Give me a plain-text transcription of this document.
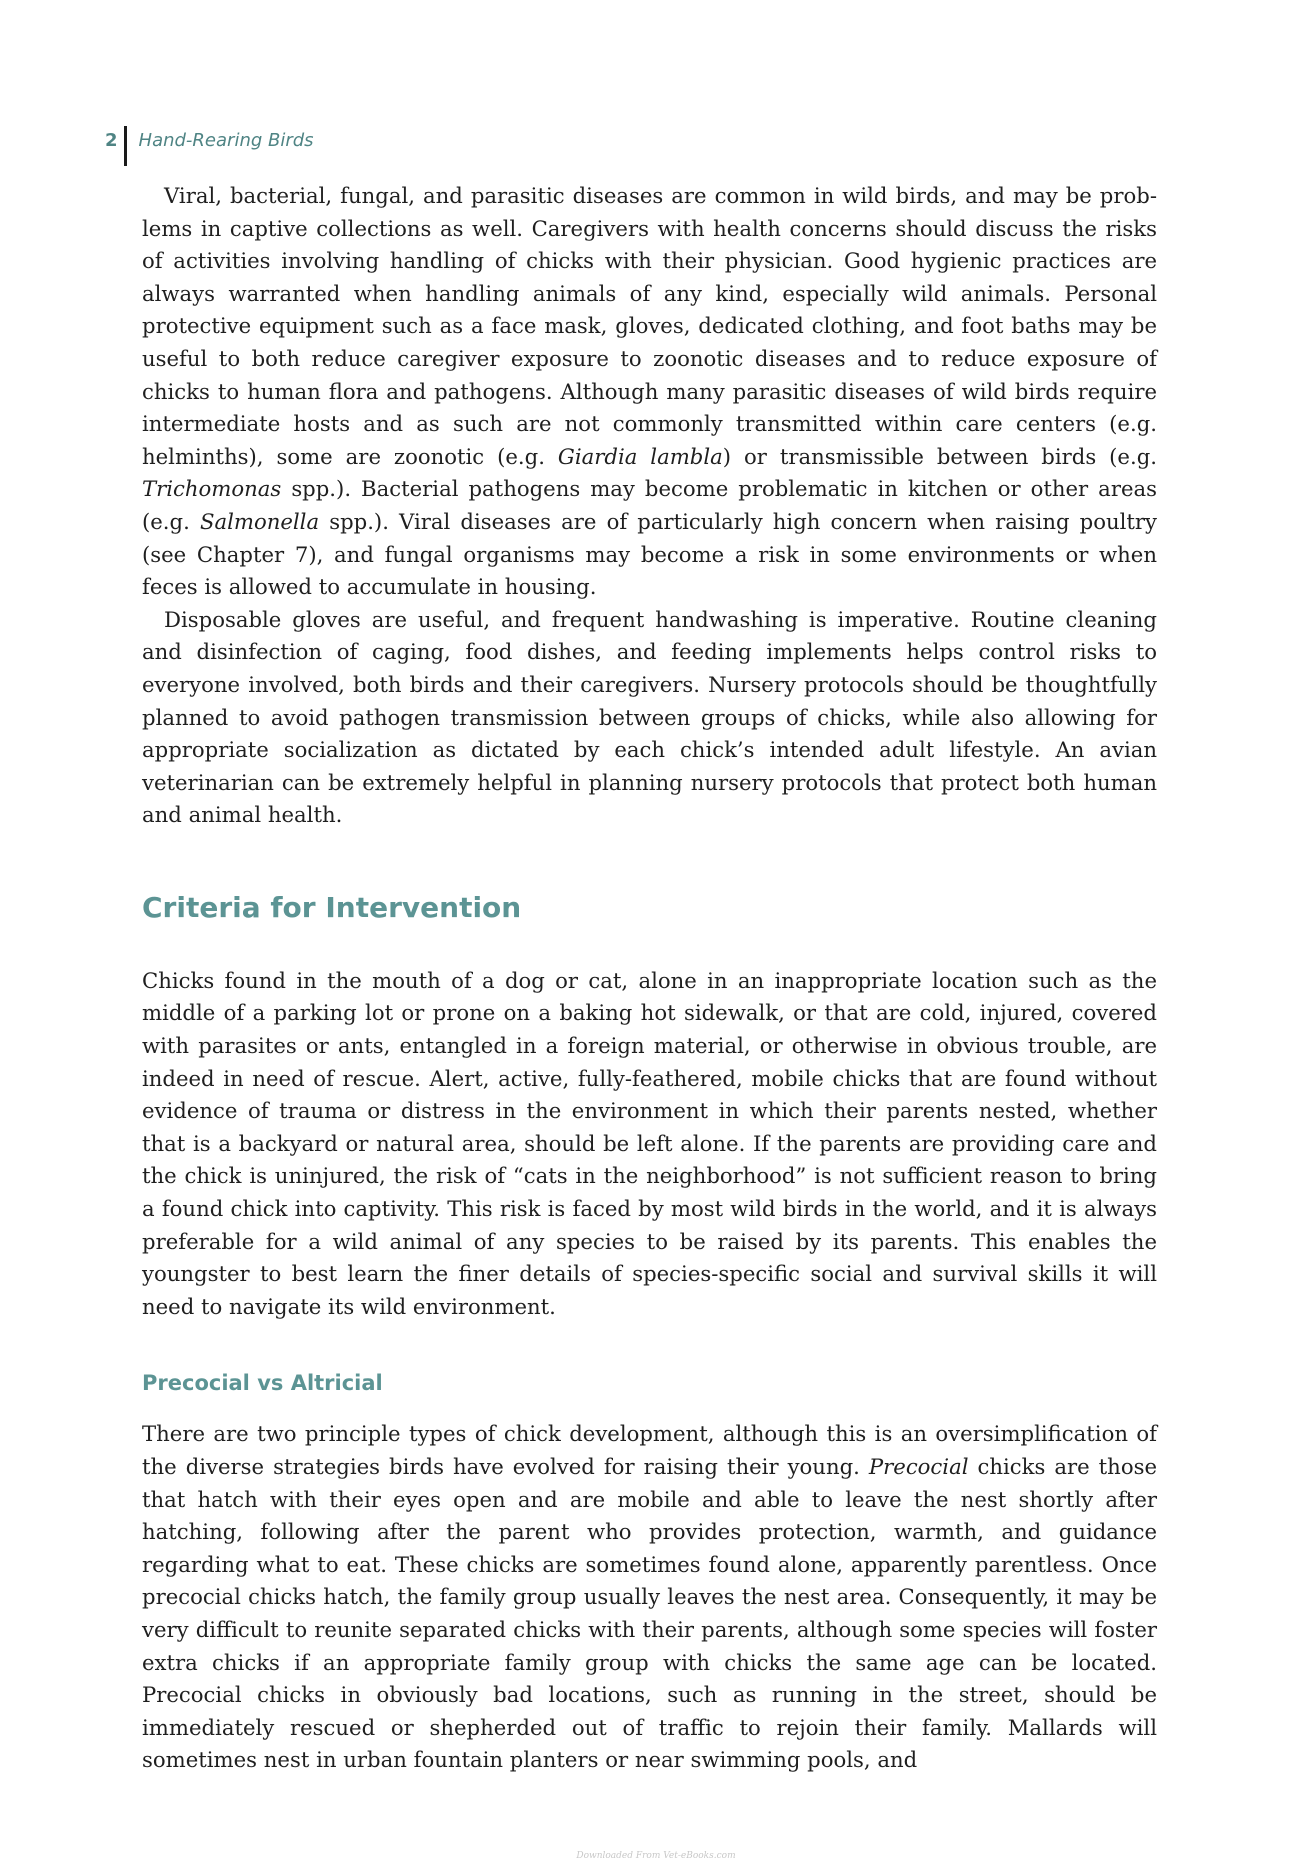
2	Hand-Rearing Birds

Viral, bacterial, fungal, and parasitic diseases are common in wild birds, and may be problems in captive collections as well. Caregivers with health concerns should discuss the risks of activities involving handling of chicks with their physician. Good hygienic practices are always warranted when handling animals of any kind, especially wild animals. Personal protective equipment such as a face mask, gloves, dedicated clothing, and foot baths may be useful to both reduce caregiver exposure to zoonotic diseases and to reduce exposure of chicks to human flora and pathogens. Although many parasitic diseases of wild birds require intermediate hosts and as such are not commonly transmitted within care centers (e.g. helminths), some are zoonotic (e.g. Giardia lambla) or transmissible between birds (e.g. Trichomonas spp.). Bacterial pathogens may become problematic in kitchen or other areas (e.g. Salmonella spp.). Viral diseases are of particularly high concern when raising poultry (see Chapter 7), and fungal organisms may become a risk in some environments or when feces is allowed to accumulate in housing.

Disposable gloves are useful, and frequent handwashing is imperative. Routine cleaning and disinfection of caging, food dishes, and feeding implements helps control risks to everyone involved, both birds and their caregivers. Nursery protocols should be thoughtfully planned to avoid pathogen transmission between groups of chicks, while also allowing for appropriate socialization as dictated by each chick’s intended adult lifestyle. An avian veterinarian can be extremely helpful in planning nursery protocols that protect both human and animal health.

Criteria for Intervention

Chicks found in the mouth of a dog or cat, alone in an inappropriate location such as the middle of a parking lot or prone on a baking hot sidewalk, or that are cold, injured, covered with parasites or ants, entangled in a foreign material, or otherwise in obvious trouble, are indeed in need of rescue. Alert, active, fully-feathered, mobile chicks that are found without evidence of trauma or distress in the environment in which their parents nested, whether that is a backyard or natural area, should be left alone. If the parents are providing care and the chick is uninjured, the risk of “cats in the neighborhood” is not sufficient reason to bring a found chick into captivity. This risk is faced by most wild birds in the world, and it is always preferable for a wild animal of any species to be raised by its parents. This enables the youngster to best learn the finer details of species-specific social and survival skills it will need to navigate its wild environment.

Precocial vs Altricial

There are two principle types of chick development, although this is an oversimplification of the diverse strategies birds have evolved for raising their young. Precocial chicks are those that hatch with their eyes open and are mobile and able to leave the nest shortly after hatching, following after the parent who provides protection, warmth, and guidance regarding what to eat. These chicks are sometimes found alone, apparently parentless. Once precocial chicks hatch, the family group usually leaves the nest area. Consequently, it may be very difficult to reunite separated chicks with their parents, although some species will foster extra chicks if an appropriate family group with chicks the same age can be located. Precocial chicks in obviously bad locations, such as running in the street, should be immediately rescued or shepherded out of traffic to rejoin their family. Mallards will sometimes nest in urban fountain planters or near swimming pools, and

Downloaded From Vet-eBooks.com
